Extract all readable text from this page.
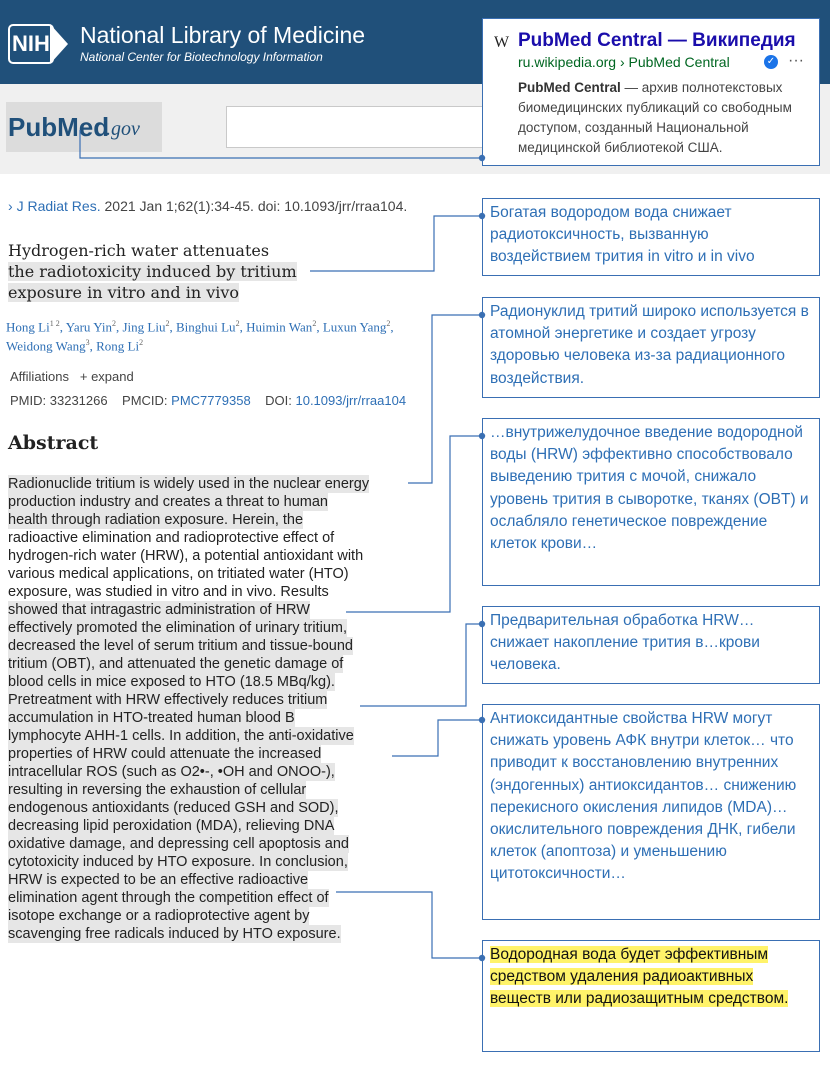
NIH National Library of Medicine
National Center for Biotechnology Information
PubMed
.gov
› J Radiat Res. 2021 Jan 1;62(1):34-45. doi: 10.1093/jrr/rraa104.
Hydrogen-rich water attenuates
the radiotoxicity induced by tritium
exposure in vitro and in vivo
Hong $Li^{1 2}$, Yaru Yin$^2$, Jing Liu$^2$, Binghui Lu$^2$, Huimin Wan$^2$, Luxun Yang$^2$, Weidong Wang$^3$, Rong Li$^2$
Affiliations + expand
PMID: 33231266 PMCID: PMC7779358 DOI: 10.1093/jrr/rraa104
Abstract
Radionuclide tritium is widely used in the nuclear energy
production industry and creates a threat to human
health through radiation exposure. Herein, the
radioactive elimination and radioprotective effect of
hydrogen-rich water (HRW), a potential antioxidant with
various medical applications, on tritiated water (HTO)
exposure, was studied in vitro and in vivo. Results
showed that intragastric administration of HRW
effectively promoted the elimination of urinary tritium,
decreased the level of serum tritium and tissue-bound
tritium (OBT), and attenuated the genetic damage of
blood cells in mice exposed to HTO (18.5 MBq/kg).
Pretreatment with HRW effectively reduces tritium
accumulation in HTO-treated human blood B
lymphocyte AHH-1 cells. In addition, the anti-oxidative
properties of HRW could attenuate the increased
intracellular ROS (such as O2•-, •OH and ONOO-),
resulting in reversing the exhaustion of cellular
endogenous antioxidants (reduced GSH and SOD),
decreasing lipid peroxidation (MDA), relieving DNA
oxidative damage, and depressing cell apoptosis and
cytotoxicity induced by HTO exposure. In conclusion,
HRW is expected to be an effective radioactive
elimination agent through the competition effect of
isotope exchange or a radioprotective agent by
scavenging free radicals induced by HTO exposure.
W PubMed Central — Википедия
ru.wikipedia.org › PubMed Central	✓ ···
PubMed Central — архив полнотекстовых биомедицинских публикаций со свободным доступом, созданный Национальной медицинской библиотекой США.
Богатая водородом вода снижает радиотоксичность, вызванную воздействием трития in vitro и in vivo
Радионуклид тритий широко используется в атомной энергетике и создает угрозу здоровью человека из-за радиационного воздействия.
…внутрижелудочное введение водородной воды (HRW) эффективно способствовало выведению трития с мочой, снижало уровень трития в сыворотке, тканях (OBT) и ослабляло генетическое повреждение клеток крови…
Предварительная обработка HRW… снижает накопление трития в…крови человека.
Антиоксидантные свойства HRW могут снижать уровень АФК внутри клеток… что приводит к восстановлению внутренних (эндогенных) антиоксидантов… снижению перекисного окисления липидов (MDA)… окислительного повреждения ДНК, гибели клеток (апоптоза) и уменьшению цитотоксичности…
Водородная вода будет эффективным средством удаления радиоактивных веществ или радиозащитным средством.
